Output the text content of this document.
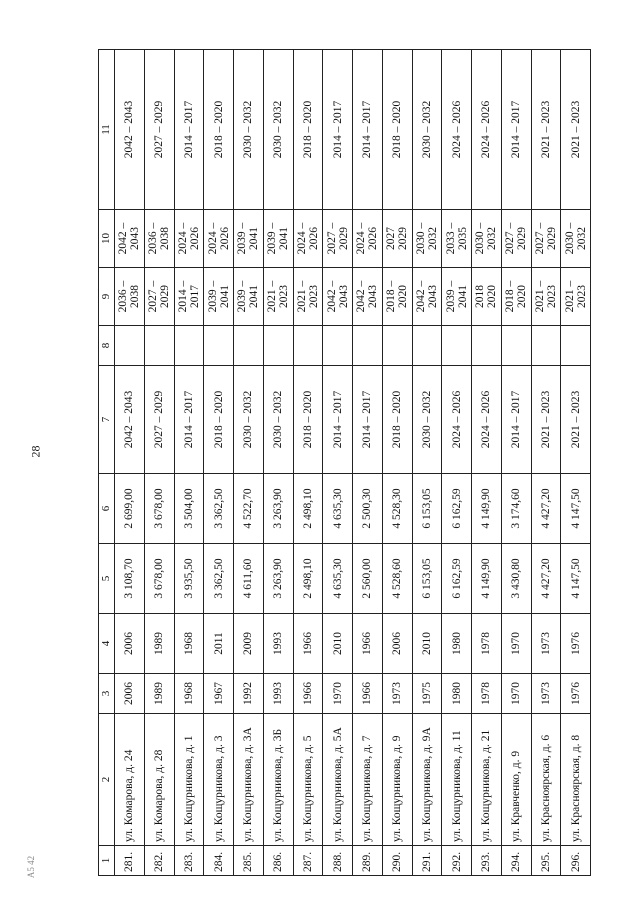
28
A5 42	1	2	3	4	5	6	7	8	9	10	11
281.	ул. Комарова, д. 24	2006	2006	3 108,70	2 699,00	2042 – 2043		2036 – 2038	2042 – 2043	2042 – 2043
282.	ул. Комарова, д. 28	1989	1989	3 678,00	3 678,00	2027 – 2029		2027 – 2029	2036 – 2038	2027 – 2029
283.	ул. Кощурникова, д. 1	1968	1968	3 935,50	3 504,00	2014 – 2017		2014 – 2017	2024 – 2026	2014 – 2017
284.	ул. Кощурникова, д. 3	1967	2011	3 362,50	3 362,50	2018 – 2020		2039 – 2041	2024 – 2026	2018 – 2020
285.	ул. Кощурникова, д. 3А	1992	2009	4 611,60	4 522,70	2030 – 2032		2039 – 2041	2039 – 2041	2030 – 2032
286.	ул. Кощурникова, д. 3Б	1993	1993	3 263,90	3 263,90	2030 – 2032		2021 – 2023	2039 – 2041	2030 – 2032
287.	ул. Кощурникова, д. 5	1966	1966	2 498,10	2 498,10	2018 – 2020		2021 – 2023	2024 – 2026	2018 – 2020
288.	ул. Кощурникова, д. 5А	1970	2010	4 635,30	4 635,30	2014 – 2017		2042 – 2043	2027 – 2029	2014 – 2017
289.	ул. Кощурникова, д. 7	1966	1966	2 560,00	2 500,30	2014 – 2017		2042 – 2043	2024 – 2026	2014 – 2017
290.	ул. Кощурникова, д. 9	1973	2006	4 528,60	4 528,30	2018 – 2020		2018 – 2020	2027 2029	2018 – 2020
291.	ул. Кощурникова, д. 9А	1975	2010	6 153,05	6 153,05	2030 – 2032		2042 – 2043	2030 – 2032	2030 – 2032
292.	ул. Кощурникова, д. 11	1980	1980	6 162,59	6 162,59	2024 – 2026		2039 – 2041	2033 – 2035	2024 – 2026
293.	ул. Кощурникова, д. 21	1978	1978	4 149,90	4 149,90	2024 – 2026		2018 2020	2030 – 2032	2024 – 2026
294.	ул. Кравченко, д. 9	1970	1970	3 430,80	3 174,60	2014 – 2017		2018 – 2020	2027 – 2029	2014 – 2017
295.	ул. Красноярская, д. 6	1973	1973	4 427,20	4 427,20	2021 – 2023		2021 – 2023	2027 – 2029	2021 – 2023
296.	ул. Красноярская, д. 8	1976	1976	4 147,50	4 147,50	2021 – 2023		2021 – 2023	2030 – 2032	2021 – 2023
